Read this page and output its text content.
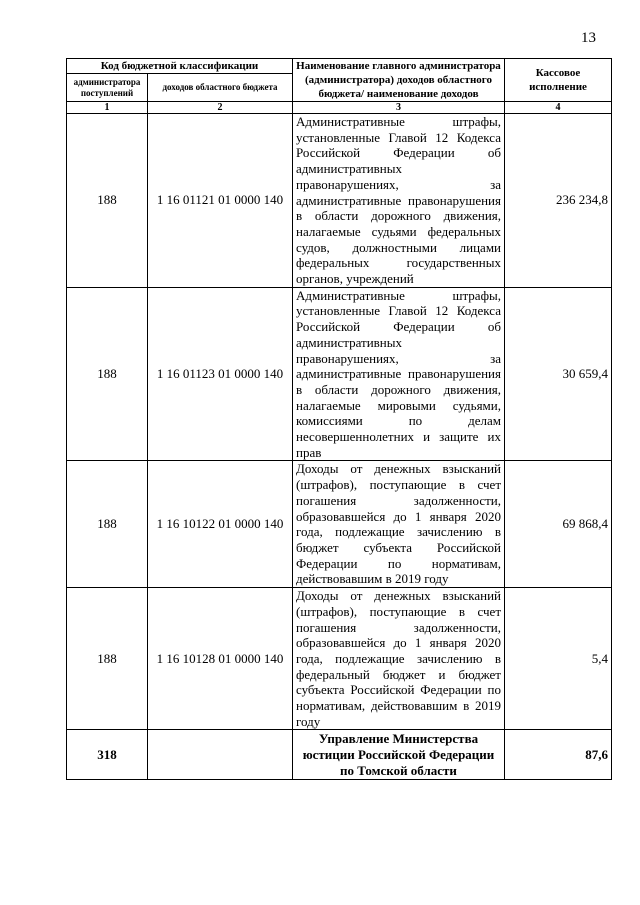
13
Код бюджетной классификации		Наименование главного администратора (администратора) доходов областного бюджета/ наименование доходов	Кассовое исполнение
администратора поступлений	доходов областного бюджета		
1	2	3	4
188	1 16 01121 01 0000 140	Административные штрафы, установленные Главой 12 Кодекса Российской Федерации об административных правонарушениях, за административные правонарушения в области дорожного движения, налагаемые судьями федеральных судов, должностными лицами федеральных государственных органов, учреждений	236 234,8
188	1 16 01123 01 0000 140	Административные штрафы, установленные Главой 12 Кодекса Российской Федерации об административных правонарушениях, за административные правонарушения в области дорожного движения, налагаемые мировыми судьями, комиссиями по делам несовершеннолетних и защите их прав	30 659,4
188	1 16 10122 01 0000 140	Доходы от денежных взысканий (штрафов), поступающие в счет погашения задолженности, образовавшейся до 1 января 2020 года, подлежащие зачислению в бюджет субъекта Российской Федерации по нормативам, действовавшим в 2019 году	69 868,4
188	1 16 10128 01 0000 140	Доходы от денежных взысканий (штрафов), поступающие в счет погашения задолженности, образовавшейся до 1 января 2020 года, подлежащие зачислению в федеральный бюджет и бюджет субъекта Российской Федерации по нормативам, действовавшим в 2019 году	5,4
318		Управление Министерства юстиции Российской Федерации по Томской области	87,6
